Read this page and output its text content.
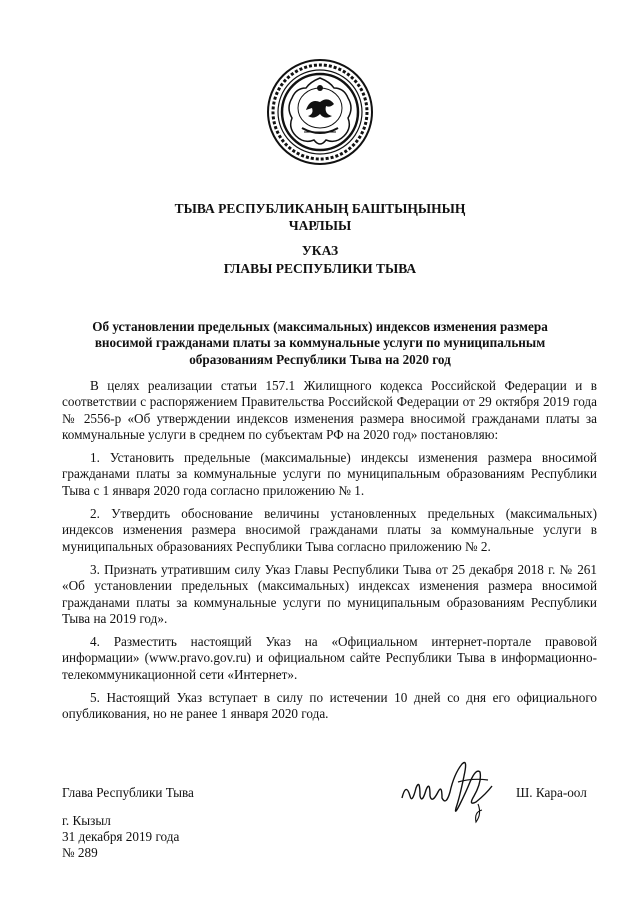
ТЫВА РЕСПУБЛИКАНЫҢ БАШТЫҢЫНЫҢ
ЧАРЛЫЫ
УКАЗ
ГЛАВЫ РЕСПУБЛИКИ ТЫВА
Об установлении предельных (максимальных) индексов изменения размера вносимой гражданами платы за коммунальные услуги по муниципальным образованиям Республики Тыва на 2020 год

В целях реализации статьи 157.1 Жилищного кодекса Российской Федерации и в соответствии с распоряжением Правительства Российской Федерации от 29 октября 2019 года № 2556-р «Об утверждении индексов изменения размера вносимой гражданами платы за коммунальные услуги в среднем по субъектам РФ на 2020 год» постановляю:

1. Установить предельные (максимальные) индексы изменения размера вносимой гражданами платы за коммунальные услуги по муниципальным образованиям Республики Тыва с 1 января 2020 года согласно приложению № 1.

2. Утвердить обоснование величины установленных предельных (максимальных) индексов изменения размера вносимой гражданами платы за коммунальные услуги в муниципальных образованиях Республики Тыва согласно приложению № 2.

3. Признать утратившим силу Указ Главы Республики Тыва от 25 декабря 2018 г. № 261 «Об установлении предельных (максимальных) индексах изменения размера вносимой гражданами платы за коммунальные услуги по муниципальным образованиям Республики Тыва на 2019 год».

4. Разместить настоящий Указ на «Официальном интернет-портале правовой информации» (www.pravo.gov.ru) и официальном сайте Республики Тыва в информационно-телекоммуникационной сети «Интернет».

5. Настоящий Указ вступает в силу по истечении 10 дней со дня его официального опубликования, но не ранее 1 января 2020 года.

Глава Республики Тыва	Ш. Кара-оол
г. Кызыл
31 декабря 2019 года
№ 289
